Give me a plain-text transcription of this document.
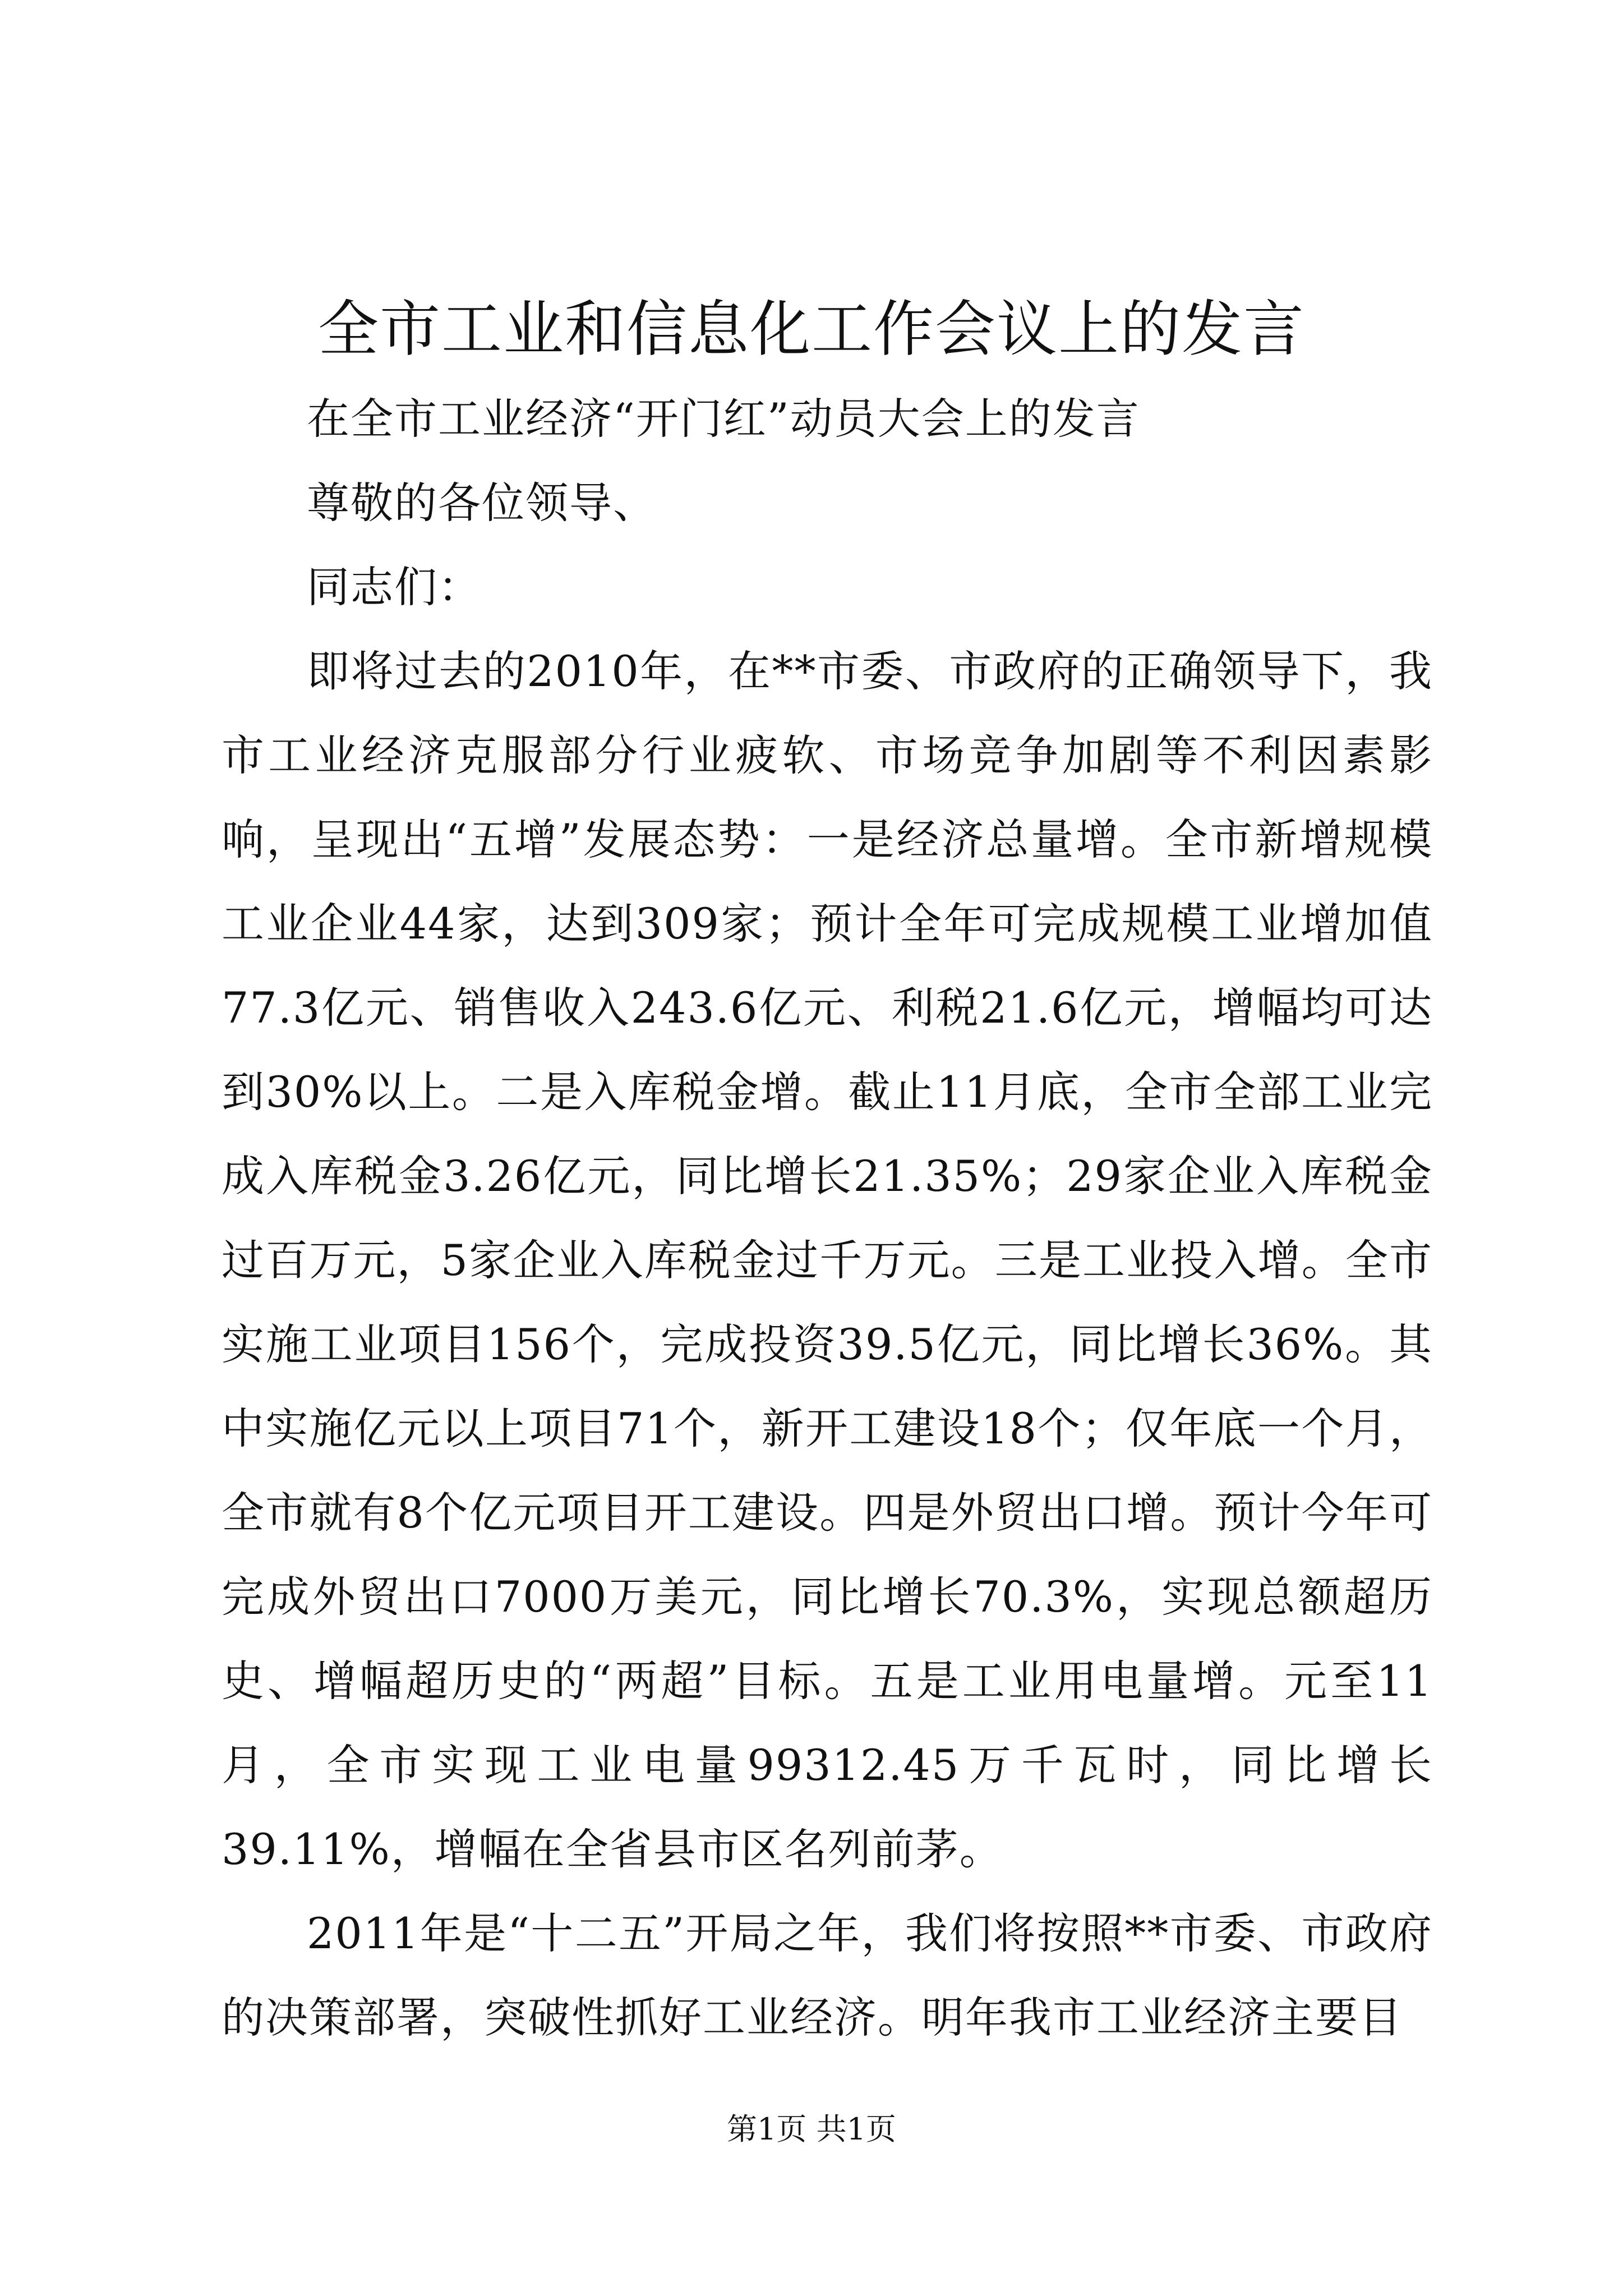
全市工业和信息化工作会议上的发言

在全市工业经济“开门红”动员大会上的发言

尊敬的各位领导、

同志们：

即将过去的2010年，在**市委、市政府的正确领导下，我市工业经济克服部分行业疲软、市场竞争加剧等不利因素影响，呈现出“五增”发展态势：一是经济总量增。全市新增规模工业企业44家，达到309家；预计全年可完成规模工业增加值77.3亿元、销售收入243.6亿元、利税21.6亿元，增幅均可达到30%以上。二是入库税金增。截止11月底，全市全部工业完成入库税金3.26亿元，同比增长21.35%；29家企业入库税金过百万元，5家企业入库税金过千万元。三是工业投入增。全市实施工业项目156个，完成投资39.5亿元，同比增长36%。其中实施亿元以上项目71个，新开工建设18个；仅年底一个月，全市就有8个亿元项目开工建设。四是外贸出口增。预计今年可完成外贸出口7000万美元，同比增长70.3%，实现总额超历史、增幅超历史的“两超”目标。五是工业用电量增。元至11月，全市实现工业电量99312.45万千瓦时，同比增长39.11%，增幅在全省县市区名列前茅。

2011年是“十二五”开局之年，我们将按照**市委、市政府的决策部署，突破性抓好工业经济。明年我市工业经济主要目

第1页 共1页
